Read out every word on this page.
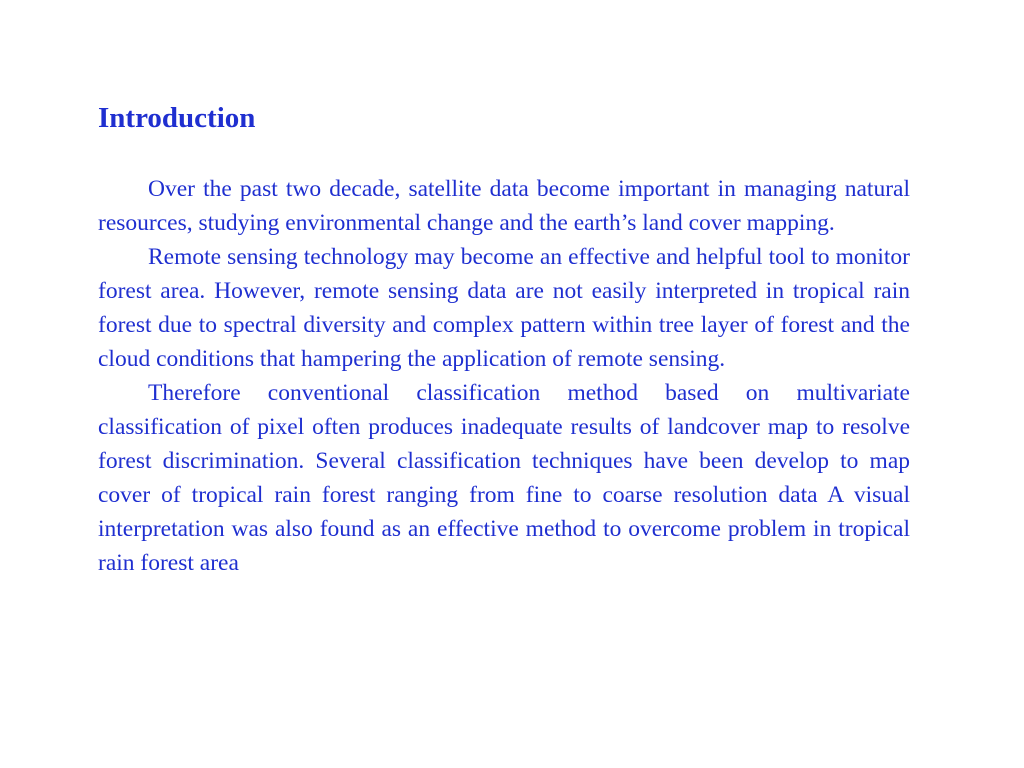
Introduction

Over the past two decade, satellite data become important in managing natural resources, studying environmental change and the earth’s land cover mapping.

Remote sensing technology may become an effective and helpful tool to monitor forest area. However, remote sensing data are not easily interpreted in tropical rain forest due to spectral diversity and complex pattern within tree layer of forest and the cloud conditions that hampering the application of remote sensing.

Therefore conventional classification method based on multivariate classification of pixel often produces inadequate results of landcover map to resolve forest discrimination. Several classification techniques have been develop to map cover of tropical rain forest ranging from fine to coarse resolution data A visual interpretation was also found as an effective method to overcome problem in tropical rain forest area
